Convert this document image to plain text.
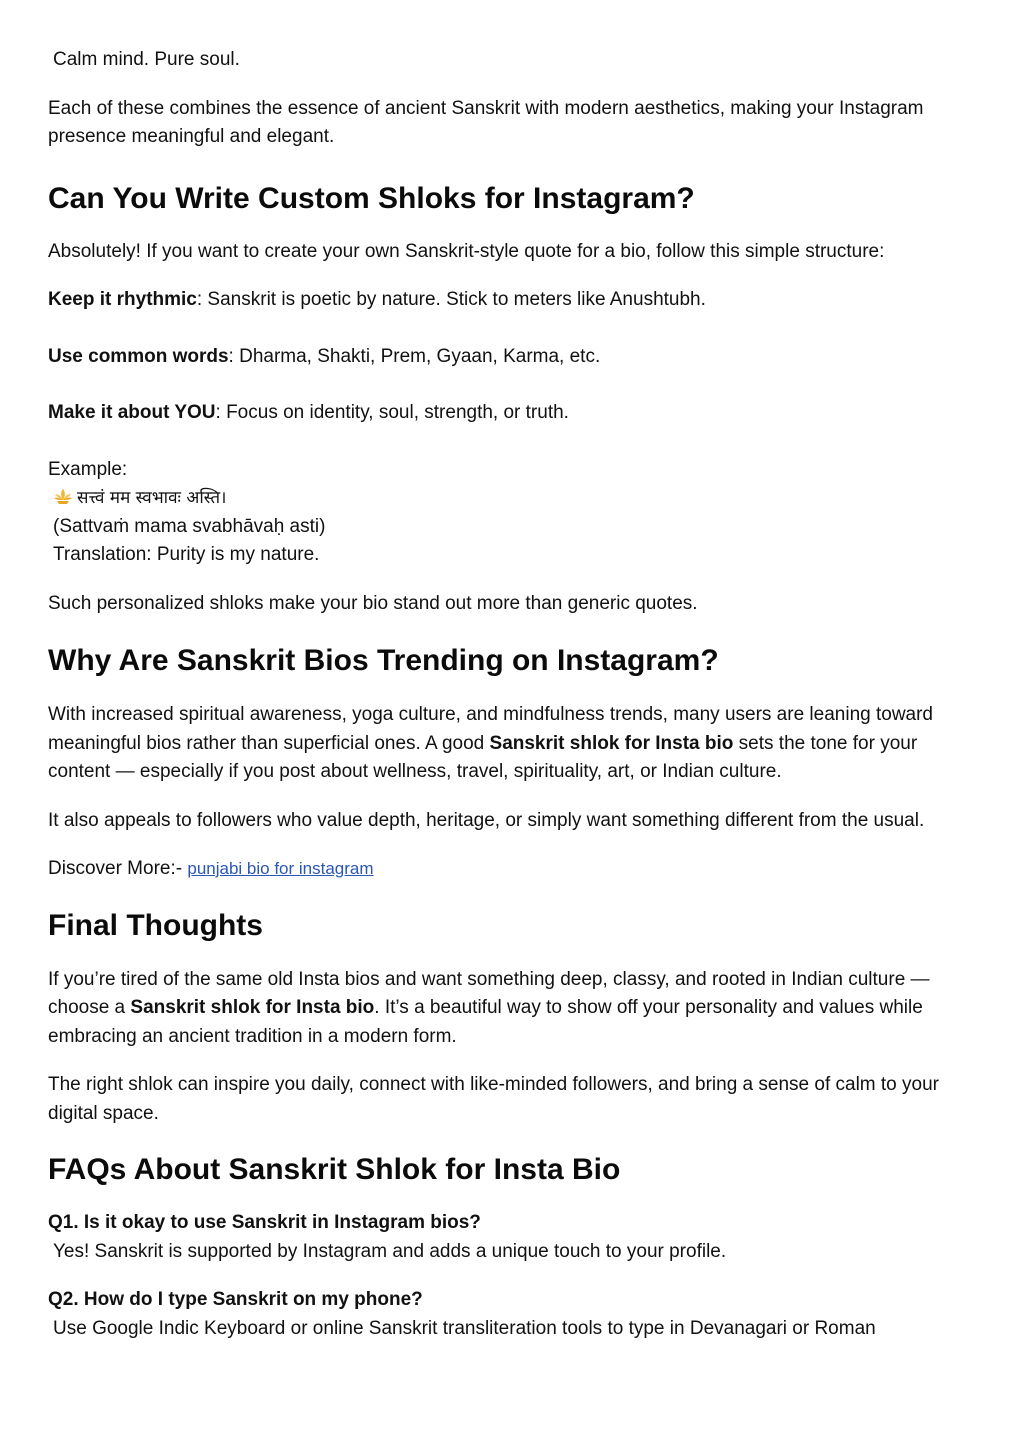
Calm mind. Pure soul.

Each of these combines the essence of ancient Sanskrit with modern aesthetics, making your Instagram presence meaningful and elegant.

Can You Write Custom Shloks for Instagram?

Absolutely! If you want to create your own Sanskrit-style quote for a bio, follow this simple structure:

Keep it rhythmic: Sanskrit is poetic by nature. Stick to meters like Anushtubh.

Use common words: Dharma, Shakti, Prem, Gyaan, Karma, etc.

Make it about YOU: Focus on identity, soul, strength, or truth.

Example:

सत्त्वं मम स्वभावः अस्ति।

(Sattvaṁ mama svabhāvaḥ asti)

Translation: Purity is my nature.

Such personalized shloks make your bio stand out more than generic quotes.

Why Are Sanskrit Bios Trending on Instagram?

With increased spiritual awareness, yoga culture, and mindfulness trends, many users are leaning toward meaningful bios rather than superficial ones. A good Sanskrit shlok for Insta bio sets the tone for your content — especially if you post about wellness, travel, spirituality, art, or Indian culture.

It also appeals to followers who value depth, heritage, or simply want something different from the usual.

Discover More:- punjabi bio for instagram

Final Thoughts

If you’re tired of the same old Insta bios and want something deep, classy, and rooted in Indian culture — choose a Sanskrit shlok for Insta bio. It’s a beautiful way to show off your personality and values while embracing an ancient tradition in a modern form.

The right shlok can inspire you daily, connect with like-minded followers, and bring a sense of calm to your digital space.

FAQs About Sanskrit Shlok for Insta Bio

Q1. Is it okay to use Sanskrit in Instagram bios?

Yes! Sanskrit is supported by Instagram and adds a unique touch to your profile.

Q2. How do I type Sanskrit on my phone?

Use Google Indic Keyboard or online Sanskrit transliteration tools to type in Devanagari or Roman
